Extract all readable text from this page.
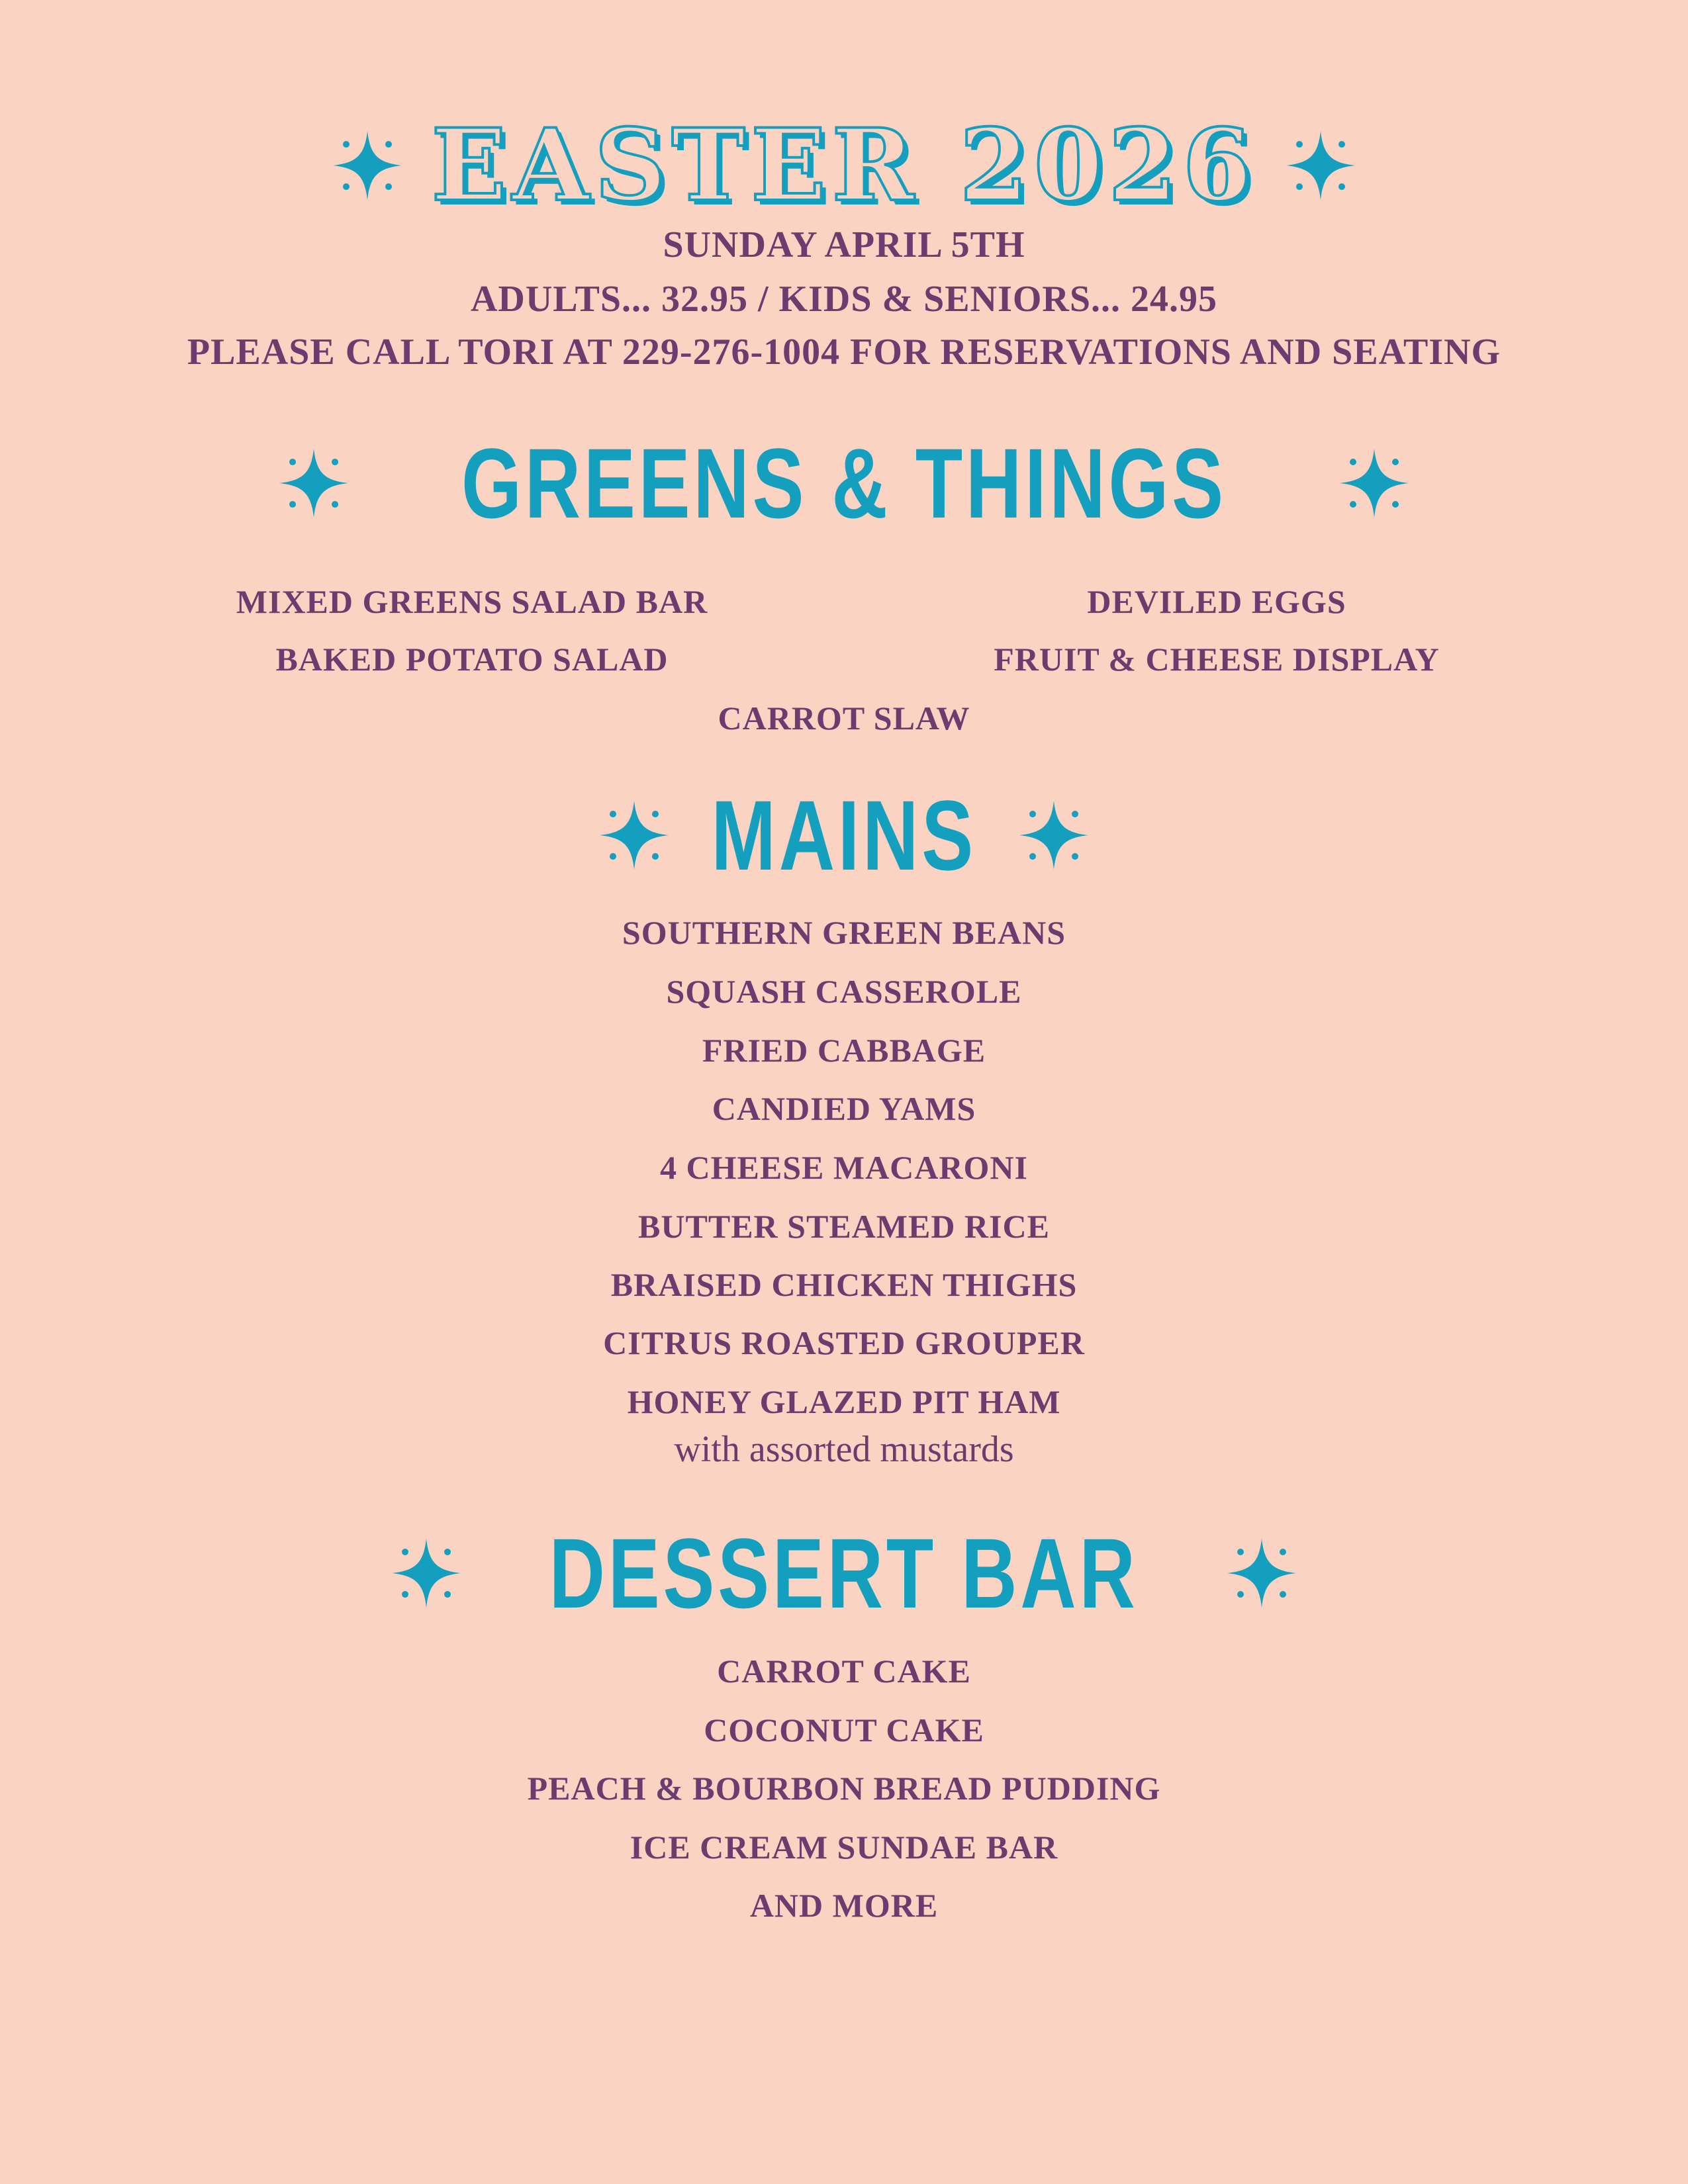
EASTER 2026
SUNDAY APRIL 5TH
ADULTS... 32.95 / KIDS & SENIORS... 24.95
PLEASE CALL TORI AT 229-276-1004 FOR RESERVATIONS AND SEATING
GREENS & THINGS
MIXED GREENS SALAD BAR
BAKED POTATO SALAD
DEVILED EGGS
FRUIT & CHEESE DISPLAY
CARROT SLAW
MAINS
SOUTHERN GREEN BEANS
SQUASH CASSEROLE
FRIED CABBAGE
CANDIED YAMS
4 CHEESE MACARONI
BUTTER STEAMED RICE
BRAISED CHICKEN THIGHS
CITRUS ROASTED GROUPER
HONEY GLAZED PIT HAM
with assorted mustards
DESSERT BAR
CARROT CAKE
COCONUT CAKE
PEACH & BOURBON BREAD PUDDING
ICE CREAM SUNDAE BAR
AND MORE
